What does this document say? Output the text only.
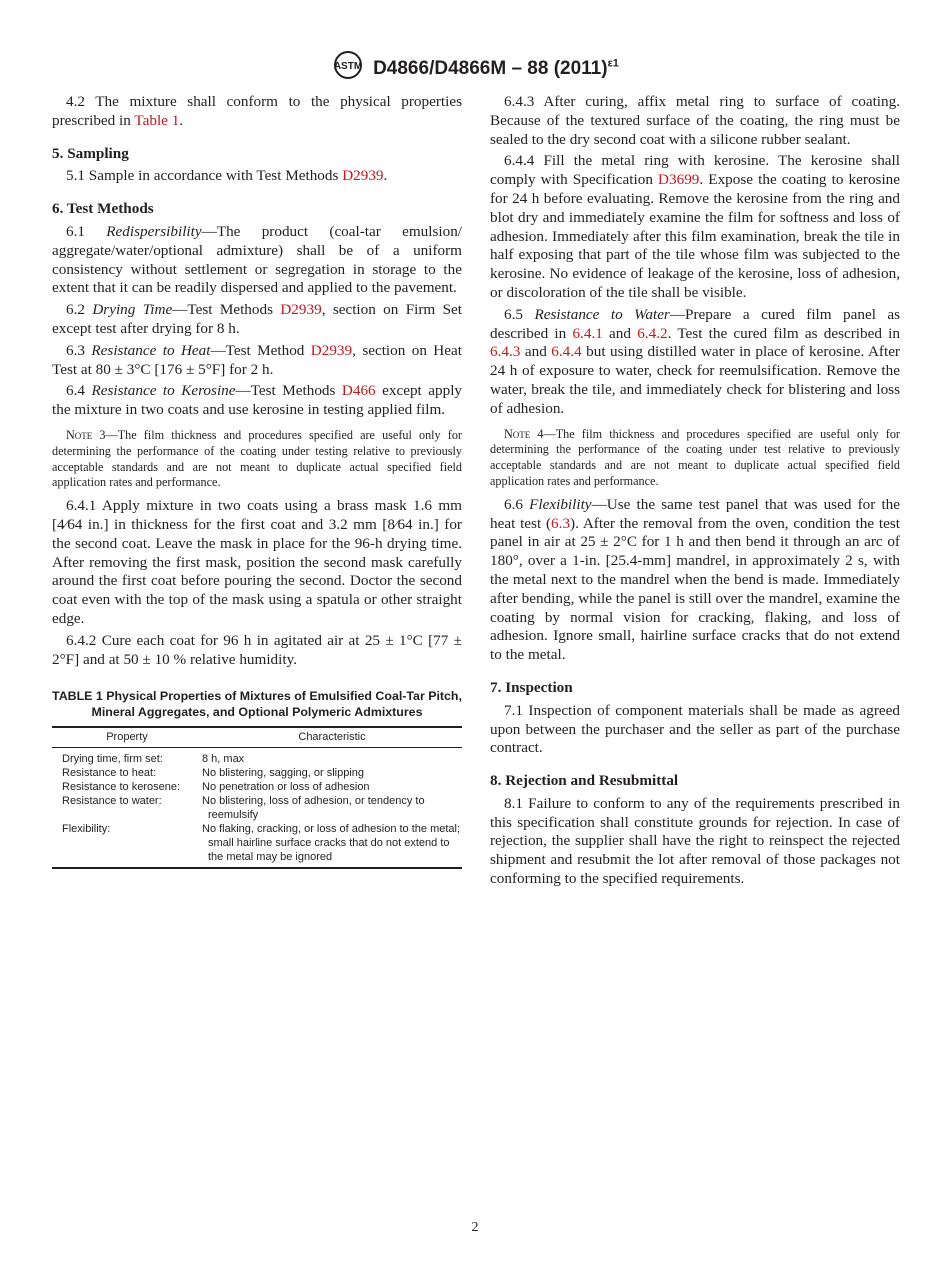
ASTM D4866/D4866M – 88 $(2011)^{\varepsilon 1}$

4.2 The mixture shall conform to the physical properties prescribed in Table 1.

5. Sampling

5.1 Sample in accordance with Test Methods D2939.

6. Test Methods

6.1 Redispersibility—The product (coal-tar emulsion/ aggregate/water/optional admixture) shall be of a uniform consistency without settlement or segregation in storage to the extent that it can be readily dispersed and applied to the pavement.

6.2 Drying Time—Test Methods D2939, section on Firm Set except test after drying for 8 h.

6.3 Resistance to Heat—Test Method D2939, section on Heat Test at 80 ± 3°C [176 ± 5°F] for 2 h.

6.4 Resistance to Kerosine—Test Methods D466 except apply the mixture in two coats and use kerosine in testing applied film.

Note 3—The film thickness and procedures specified are useful only for determining the performance of the coating under testing relative to previously acceptable standards and are not meant to duplicate actual specified field application rates and performance.

6.4.1 Apply mixture in two coats using a brass mask 1.6 mm [4⁄64 in.] in thickness for the first coat and 3.2 mm [8⁄64 in.] for the second coat. Leave the mask in place for the 96-h drying time. After removing the first mask, position the second mask carefully around the first coat before pouring the second. Doctor the second coat even with the top of the mask using a spatula or other straight edge.

6.4.2 Cure each coat for 96 h in agitated air at 25 ± 1°C [77 ± 2°F] and at 50 ± 10 % relative humidity.

TABLE 1 Physical Properties of Mixtures of Emulsified Coal-Tar Pitch, Mineral Aggregates, and Optional Polymeric Admixtures
Property	Characteristic
Drying time, firm set:	8 h, max
Resistance to heat:	No blistering, sagging, or slipping
Resistance to kerosene:	No penetration or loss of adhesion
Resistance to water:	No blistering, loss of adhesion, or tendency to reemulsify
Flexibility:	No flaking, cracking, or loss of adhesion to the metal; small hairline surface cracks that do not extend to the metal may be ignored

6.4.3 After curing, affix metal ring to surface of coating. Because of the textured surface of the coating, the ring must be sealed to the dry second coat with a silicone rubber sealant.

6.4.4 Fill the metal ring with kerosine. The kerosine shall comply with Specification D3699. Expose the coating to kerosine for 24 h before evaluating. Remove the kerosine from the ring and blot dry and immediately examine the film for softness and loss of adhesion. Immediately after this film examination, break the tile in half exposing that part of the tile whose film was subjected to the kerosine. No evidence of leakage of the kerosine, loss of adhesion, or discoloration of the tile shall be visible.

6.5 Resistance to Water—Prepare a cured film panel as described in 6.4.1 and 6.4.2. Test the cured film as described in 6.4.3 and 6.4.4 but using distilled water in place of kerosine. After 24 h of exposure to water, check for reemulsification. Remove the water, break the tile, and immediately check for blistering and loss of adhesion.

Note 4—The film thickness and procedures specified are useful only for determining the performance of the coating under test relative to previously acceptable standards and are not meant to duplicate actual specified field application rates and performance.

6.6 Flexibility—Use the same test panel that was used for the heat test (6.3). After the removal from the oven, condition the test panel in air at 25 ± 2°C for 1 h and then bend it through an arc of 180°, over a 1-in. [25.4-mm] mandrel, in approximately 2 s, with the metal next to the mandrel when the bend is made. Immediately after bending, while the panel is still over the mandrel, examine the coating by normal vision for cracking, flaking, and loss of adhesion. Ignore small, hairline surface cracks that do not extend to the metal.

7. Inspection

7.1 Inspection of component materials shall be made as agreed upon between the purchaser and the seller as part of the purchase contract.

8. Rejection and Resubmittal

8.1 Failure to conform to any of the requirements prescribed in this specification shall constitute grounds for rejection. In case of rejection, the supplier shall have the right to reinspect the rejected shipment and resubmit the lot after removal of those packages not conforming to the specified requirements.

2
